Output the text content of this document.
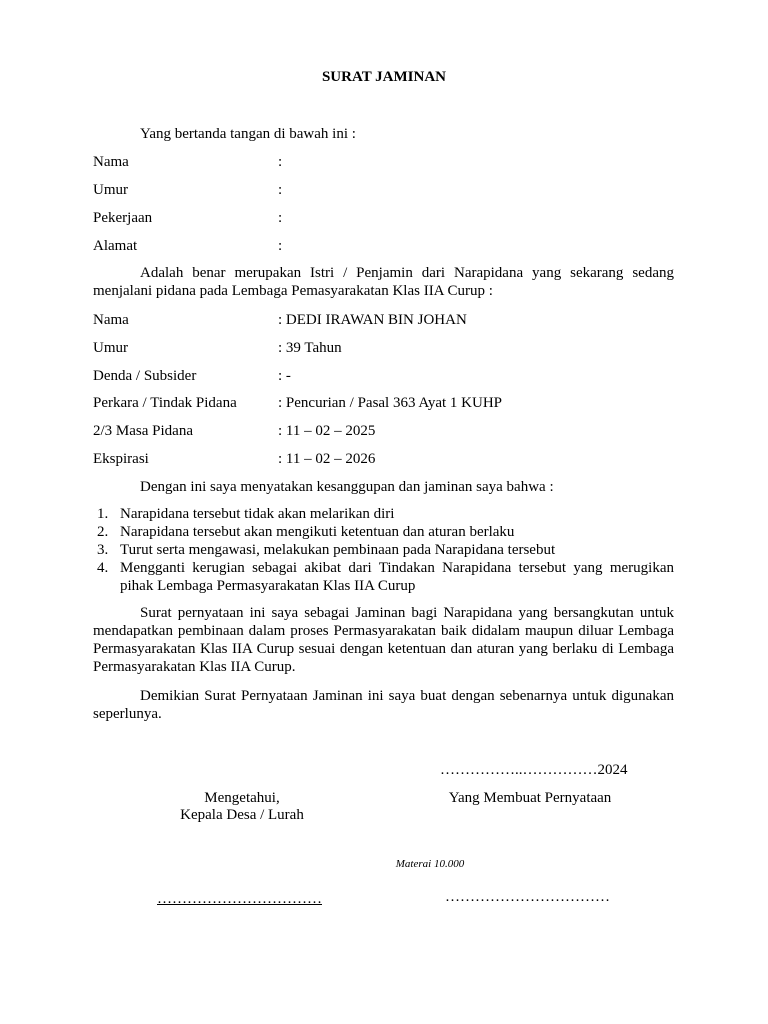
SURAT JAMINAN
Yang bertanda tangan di bawah ini :
Nama	:
Umur	:
Pekerjaan	:
Alamat	:

Adalah benar merupakan Istri / Penjamin dari Narapidana yang sekarang sedang menjalani pidana pada Lembaga Pemasyarakatan Klas IIA Curup :

Nama	: DEDI IRAWAN BIN JOHAN
Umur	: 39 Tahun
Denda / Subsider	: -
Perkara / Tindak Pidana	: Pencurian / Pasal 363 Ayat 1 KUHP
2/3 Masa Pidana	: 11 – 02 – 2025
Ekspirasi	: 11 – 02 – 2026
Dengan ini saya menyatakan kesanggupan dan jaminan saya bahwa :
1. Narapidana tersebut tidak akan melarikan diri
2. Narapidana tersebut akan mengikuti ketentuan dan aturan berlaku
3. Turut serta mengawasi, melakukan pembinaan pada Narapidana tersebut
4. Mengganti kerugian sebagai akibat dari Tindakan Narapidana tersebut yang merugikan pihak Lembaga Permasyarakatan Klas IIA Curup

Surat pernyataan ini saya sebagai Jaminan bagi Narapidana yang bersangkutan untuk mendapatkan pembinaan dalam proses Permasyarakatan baik didalam maupun diluar Lembaga Permasyarakatan Klas IIA Curup sesuai dengan ketentuan dan aturan yang berlaku di Lembaga Permasyarakatan Klas IIA Curup.

Demikian Surat Pernyataan Jaminan ini saya buat dengan sebenarnya untuk digunakan seperlunya.

……………..……………2024
Mengetahui,
Kepala Desa / Lurah
Yang Membuat Pernyataan
Materai 10.000
……………………………	……………………………
